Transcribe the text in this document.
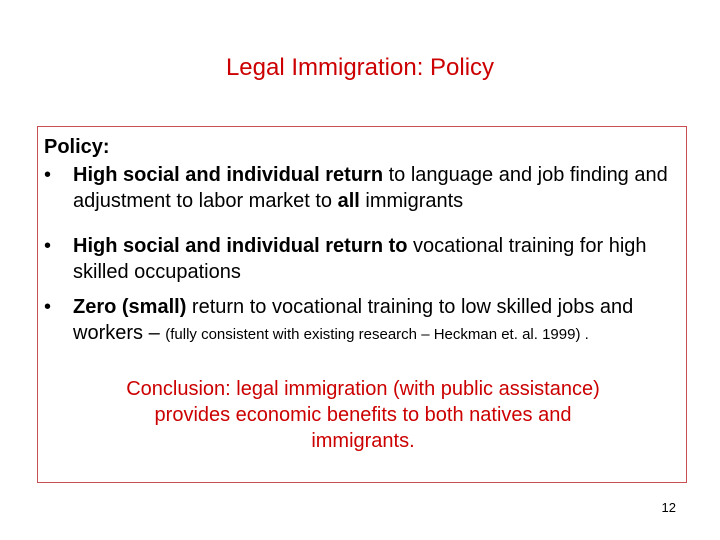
Legal Immigration: Policy
Policy:
•	High social and individual return to language and job finding and adjustment to labor market to all immigrants
•	High social and individual return to vocational training for high skilled occupations
•	Zero (small) return to vocational training to low skilled jobs and workers – (fully consistent with existing research – Heckman et. al. 1999) .
Conclusion: legal immigration (with public assistance)
provides economic benefits to both natives and
immigrants.
12
